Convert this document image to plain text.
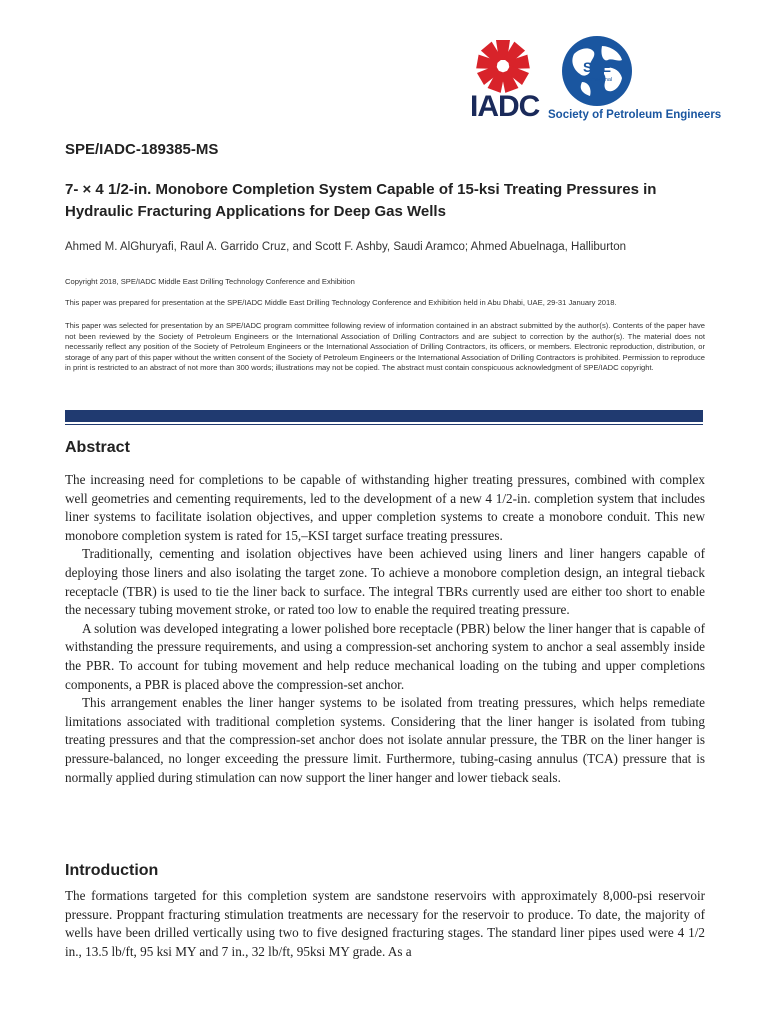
IADC
SPE
International
Society of Petroleum Engineers
SPE/IADC-189385-MS
7- × 4 1/2-in. Monobore Completion System Capable of 15-ksi Treating Pressures in Hydraulic Fracturing Applications for Deep Gas Wells
Ahmed M. AlGhuryafi, Raul A. Garrido Cruz, and Scott F. Ashby, Saudi Aramco; Ahmed Abuelnaga, Halliburton

Copyright 2018, SPE/IADC Middle East Drilling Technology Conference and Exhibition

This paper was prepared for presentation at the SPE/IADC Middle East Drilling Technology Conference and Exhibition held in Abu Dhabi, UAE, 29-31 January 2018.

This paper was selected for presentation by an SPE/IADC program committee following review of information contained in an abstract submitted by the author(s). Contents of the paper have not been reviewed by the Society of Petroleum Engineers or the International Association of Drilling Contractors and are subject to correction by the author(s). The material does not necessarily reflect any position of the Society of Petroleum Engineers or the International Association of Drilling Contractors, its officers, or members. Electronic reproduction, distribution, or storage of any part of this paper without the written consent of the Society of Petroleum Engineers or the International Association of Drilling Contractors is prohibited. Permission to reproduce in print is restricted to an abstract of not more than 300 words; illustrations may not be copied. The abstract must contain conspicuous acknowledgment of SPE/IADC copyright.

Abstract

The increasing need for completions to be capable of withstanding higher treating pressures, combined with complex well geometries and cementing requirements, led to the development of a new 4 1/2-in. completion system that includes liner systems to facilitate isolation objectives, and upper completion systems to create a monobore conduit. This new monobore completion system is rated for 15,–KSI target surface treating pressures.

Traditionally, cementing and isolation objectives have been achieved using liners and liner hangers capable of deploying those liners and also isolating the target zone. To achieve a monobore completion design, an integral tieback receptacle (TBR) is used to tie the liner back to surface. The integral TBRs currently used are either too short to enable the necessary tubing movement stroke, or rated too low to enable the required treating pressure.

A solution was developed integrating a lower polished bore receptacle (PBR) below the liner hanger that is capable of withstanding the pressure requirements, and using a compression-set anchoring system to anchor a seal assembly inside the PBR. To account for tubing movement and help reduce mechanical loading on the tubing and upper completions components, a PBR is placed above the compression-set anchor.

This arrangement enables the liner hanger systems to be isolated from treating pressures, which helps remediate limitations associated with traditional completion systems. Considering that the liner hanger is isolated from tubing treating pressures and that the compression-set anchor does not isolate annular pressure, the TBR on the liner hanger is pressure-balanced, no longer exceeding the pressure limit. Furthermore, tubing-casing annulus (TCA) pressure that is normally applied during stimulation can now support the liner hanger and lower tieback seals.

Introduction

The formations targeted for this completion system are sandstone reservoirs with approximately 8,000-psi reservoir pressure. Proppant fracturing stimulation treatments are necessary for the reservoir to produce. To date, the majority of wells have been drilled vertically using two to five designed fracturing stages. The standard liner pipes used were 4 1/2 in., 13.5 lb/ft, 95 ksi MY and 7 in., 32 lb/ft, 95ksi MY grade. As a
